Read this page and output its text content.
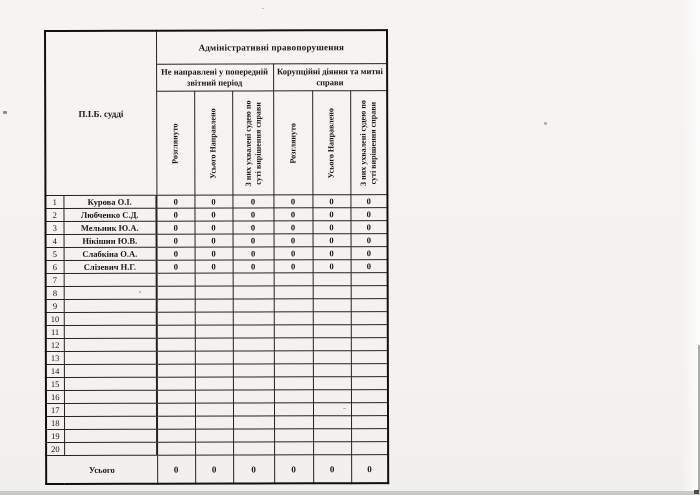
П.І.Б. судді		Адміністративні правопорушення					
		Не направлені у попередній звітний період			Корупційні діяння та митні справи		

		Розглянуто	Усього Направлено	З них ухвалені судею по суті вирішення справи	Розглянуто	Усього Направлено	З них ухвалені судею по суті вирішення справи

1	Курова О.І.	0	0	0	0	0	0
2	Любченко С.Д.	0	0	0	0	0	0
3	Мельник Ю.А.	0	0	0	0	0	0
4	Нікішин Ю.В.	0	0	0	0	0	0
5	Слабкіна О.А.	0	0	0	0	0	0
6	Слізевич Н.Г.	0	0	0	0	0	0
7							
8							
9							
10							
11							
12							
13							
14							
15							
16							
17							
18							
19							
20							
Усього		0	0	0	0	0	0
